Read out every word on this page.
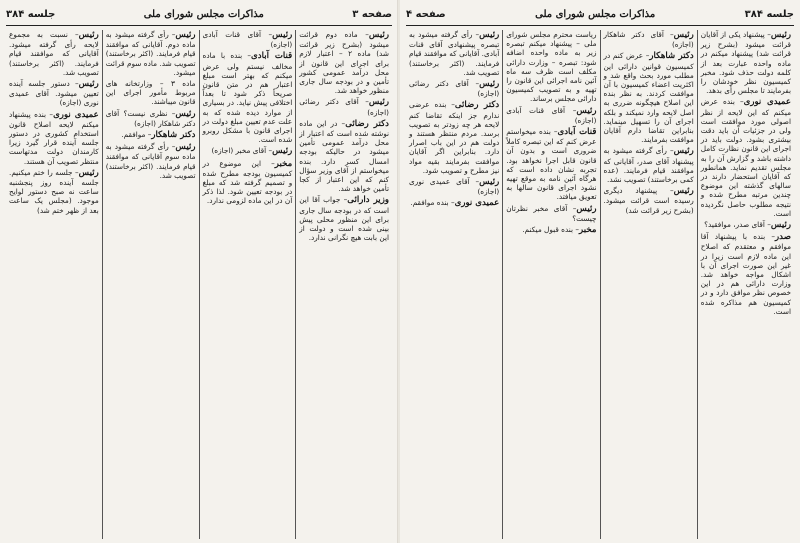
صفحه ۳
مذاکرات مجلس شورای ملی
جلسه ۳۸۴

رئیس– ماده دوم قرائت میشود (بشرح زیر قرائت شد) ماده ۲ – اعتبار لازم برای اجرای این قانون از محل درآمد عمومی کشور تأمین و در بودجه سال جاری منظور خواهد شد.

رئیس– آقای دکتر رضائی (اجازه)

دکتر رضائی– در این ماده نوشته شده است که اعتبار از محل درآمد عمومی تأمین میشود در حالیکه بودجه امسال کسر دارد. بنده میخواستم از آقای وزیر سؤال کنم که این اعتبار از کجا تأمین خواهد شد.

وزیر دارائی– جواب آقا این است که در بودجه سال جاری برای این منظور محلی پیش بینی شده است و دولت از این بابت هیچ نگرانی ندارد.

رئیس– آقای قنات آبادی (اجازه)

قنات آبادی– بنده با ماده مخالف نیستم ولی عرض میکنم که بهتر است مبلغ اعتبار هم در متن قانون صریحاً ذکر شود تا بعداً اختلافی پیش نیاید. در بسیاری از موارد دیده شده که به علت عدم تعیین مبلغ دولت در اجرای قانون با مشکل روبرو شده است.

رئیس– آقای مخبر (اجازه)

مخبر– این موضوع در کمیسیون بودجه مطرح شده و تصمیم گرفته شد که مبلغ در بودجه تعیین شود. لذا ذکر آن در این ماده لزومی ندارد.

رئیس– رأی گرفته میشود به ماده دوم. آقایانی که موافقند قیام فرمایند. (اکثر برخاستند) تصویب شد. ماده سوم قرائت میشود.

ماده ۳ – وزارتخانه های مربوط مأمور اجرای این قانون میباشند.

رئیس– نظری نیست؟ آقای دکتر شاهکار (اجازه)

دکتر شاهکار– موافقم.

رئیس– رأی گرفته میشود به ماده سوم آقایانی که موافقند قیام فرمایند. (اکثر برخاستند) تصویب شد.

رئیس– نسبت به مجموع لایحه رأی گرفته میشود. آقایانی که موافقند قیام فرمایند. (اکثر برخاستند) تصویب شد.

رئیس– دستور جلسه آینده تعیین میشود. آقای عمیدی نوری (اجازه)

عمیدی نوری– بنده پیشنهاد میکنم لایحه اصلاح قانون استخدام کشوری در دستور جلسه آینده قرار گیرد زیرا کارمندان دولت مدتهاست منتظر تصویب آن هستند.

رئیس– جلسه را ختم میکنیم. جلسه آینده روز پنجشنبه ساعت نه صبح دستور لوایح موجود. (مجلس یک ساعت بعد از ظهر ختم شد)

جلسه ۳۸۴
مذاکرات مجلس شورای ملی
صفحه ۴

رئیس– پیشنهاد یکی از آقایان قرائت میشود (بشرح زیر قرائت شد) پیشنهاد میکنم در ماده واحده عبارت بعد از کلمه دولت حذف شود. مخبر کمیسیون نظر خودشان را بفرمایند تا مجلس رأی بدهد.

عمیدی نوری– بنده عرض میکنم که این لایحه از نظر اصولی مورد موافقت است ولی در جزئیات آن باید دقت بیشتری بشود. دولت باید در اجرای این قانون نظارت کامل داشته باشد و گزارش آن را به مجلس تقدیم نماید. همانطور که آقایان استحضار دارند در سالهای گذشته این موضوع چندین مرتبه مطرح شده و نتیجه مطلوب حاصل نگردیده است.

رئیس– آقای صدر، موافقید؟

صدر– بنده با پیشنهاد آقا موافقم و معتقدم که اصلاح این ماده لازم است زیرا در غیر این صورت اجرای آن با اشکال مواجه خواهد شد. وزارت دارائی هم در این خصوص نظر موافق دارد و در کمیسیون هم مذاکره شده است.

رئیس– آقای دکتر شاهکار (اجازه)

دکتر شاهکار– عرض کنم در کمیسیون قوانین دارائی این مطلب مورد بحث واقع شد و اکثریت اعضاء کمیسیون با آن موافقت کردند. به نظر بنده این اصلاح هیچگونه ضرری به اصل لایحه وارد نمیکند و بلکه اجرای آن را تسهیل مینماید. بنابراین تقاضا دارم آقایان موافقت بفرمایند.

رئیس– رأی گرفته میشود به پیشنهاد آقای صدر، آقایانی که موافقند قیام فرمایند. (عده کمی برخاستند) تصویب نشد.

رئیس– پیشنهاد دیگری رسیده است قرائت میشود. (بشرح زیر قرائت شد)

ریاست محترم مجلس شورای ملی – پیشنهاد میکنم تبصره زیر به ماده واحده اضافه شود: تبصره – وزارت دارائی مکلف است ظرف سه ماه آئین نامه اجرائی این قانون را تهیه و به تصویب کمیسیون دارائی مجلس برساند.

رئیس– آقای قنات آبادی (اجازه)

قنات آبادی– بنده میخواستم عرض کنم که این تبصره کاملاً ضروری است و بدون آن قانون قابل اجرا نخواهد بود. تجربه نشان داده است که هرگاه آئین نامه به موقع تهیه نشود اجرای قانون سالها به تعویق میافتد.

رئیس– آقای مخبر نظرتان چیست؟

مخبر– بنده قبول میکنم.

رئیس– رأی گرفته میشود به تبصره پیشنهادی آقای قنات آبادی. آقایانی که موافقند قیام فرمایند. (اکثر برخاستند) تصویب شد.

رئیس– آقای دکتر رضائی (اجازه)

دکتر رضائی– بنده عرضی ندارم جز اینکه تقاضا کنم لایحه هر چه زودتر به تصویب برسد. مردم منتظر هستند و دولت هم در این باب اصرار دارد. بنابراین اگر آقایان موافقت بفرمایند بقیه مواد نیز مطرح و تصویب شود.

رئیس– آقای عمیدی نوری (اجازه)

عمیدی نوری– بنده موافقم.
